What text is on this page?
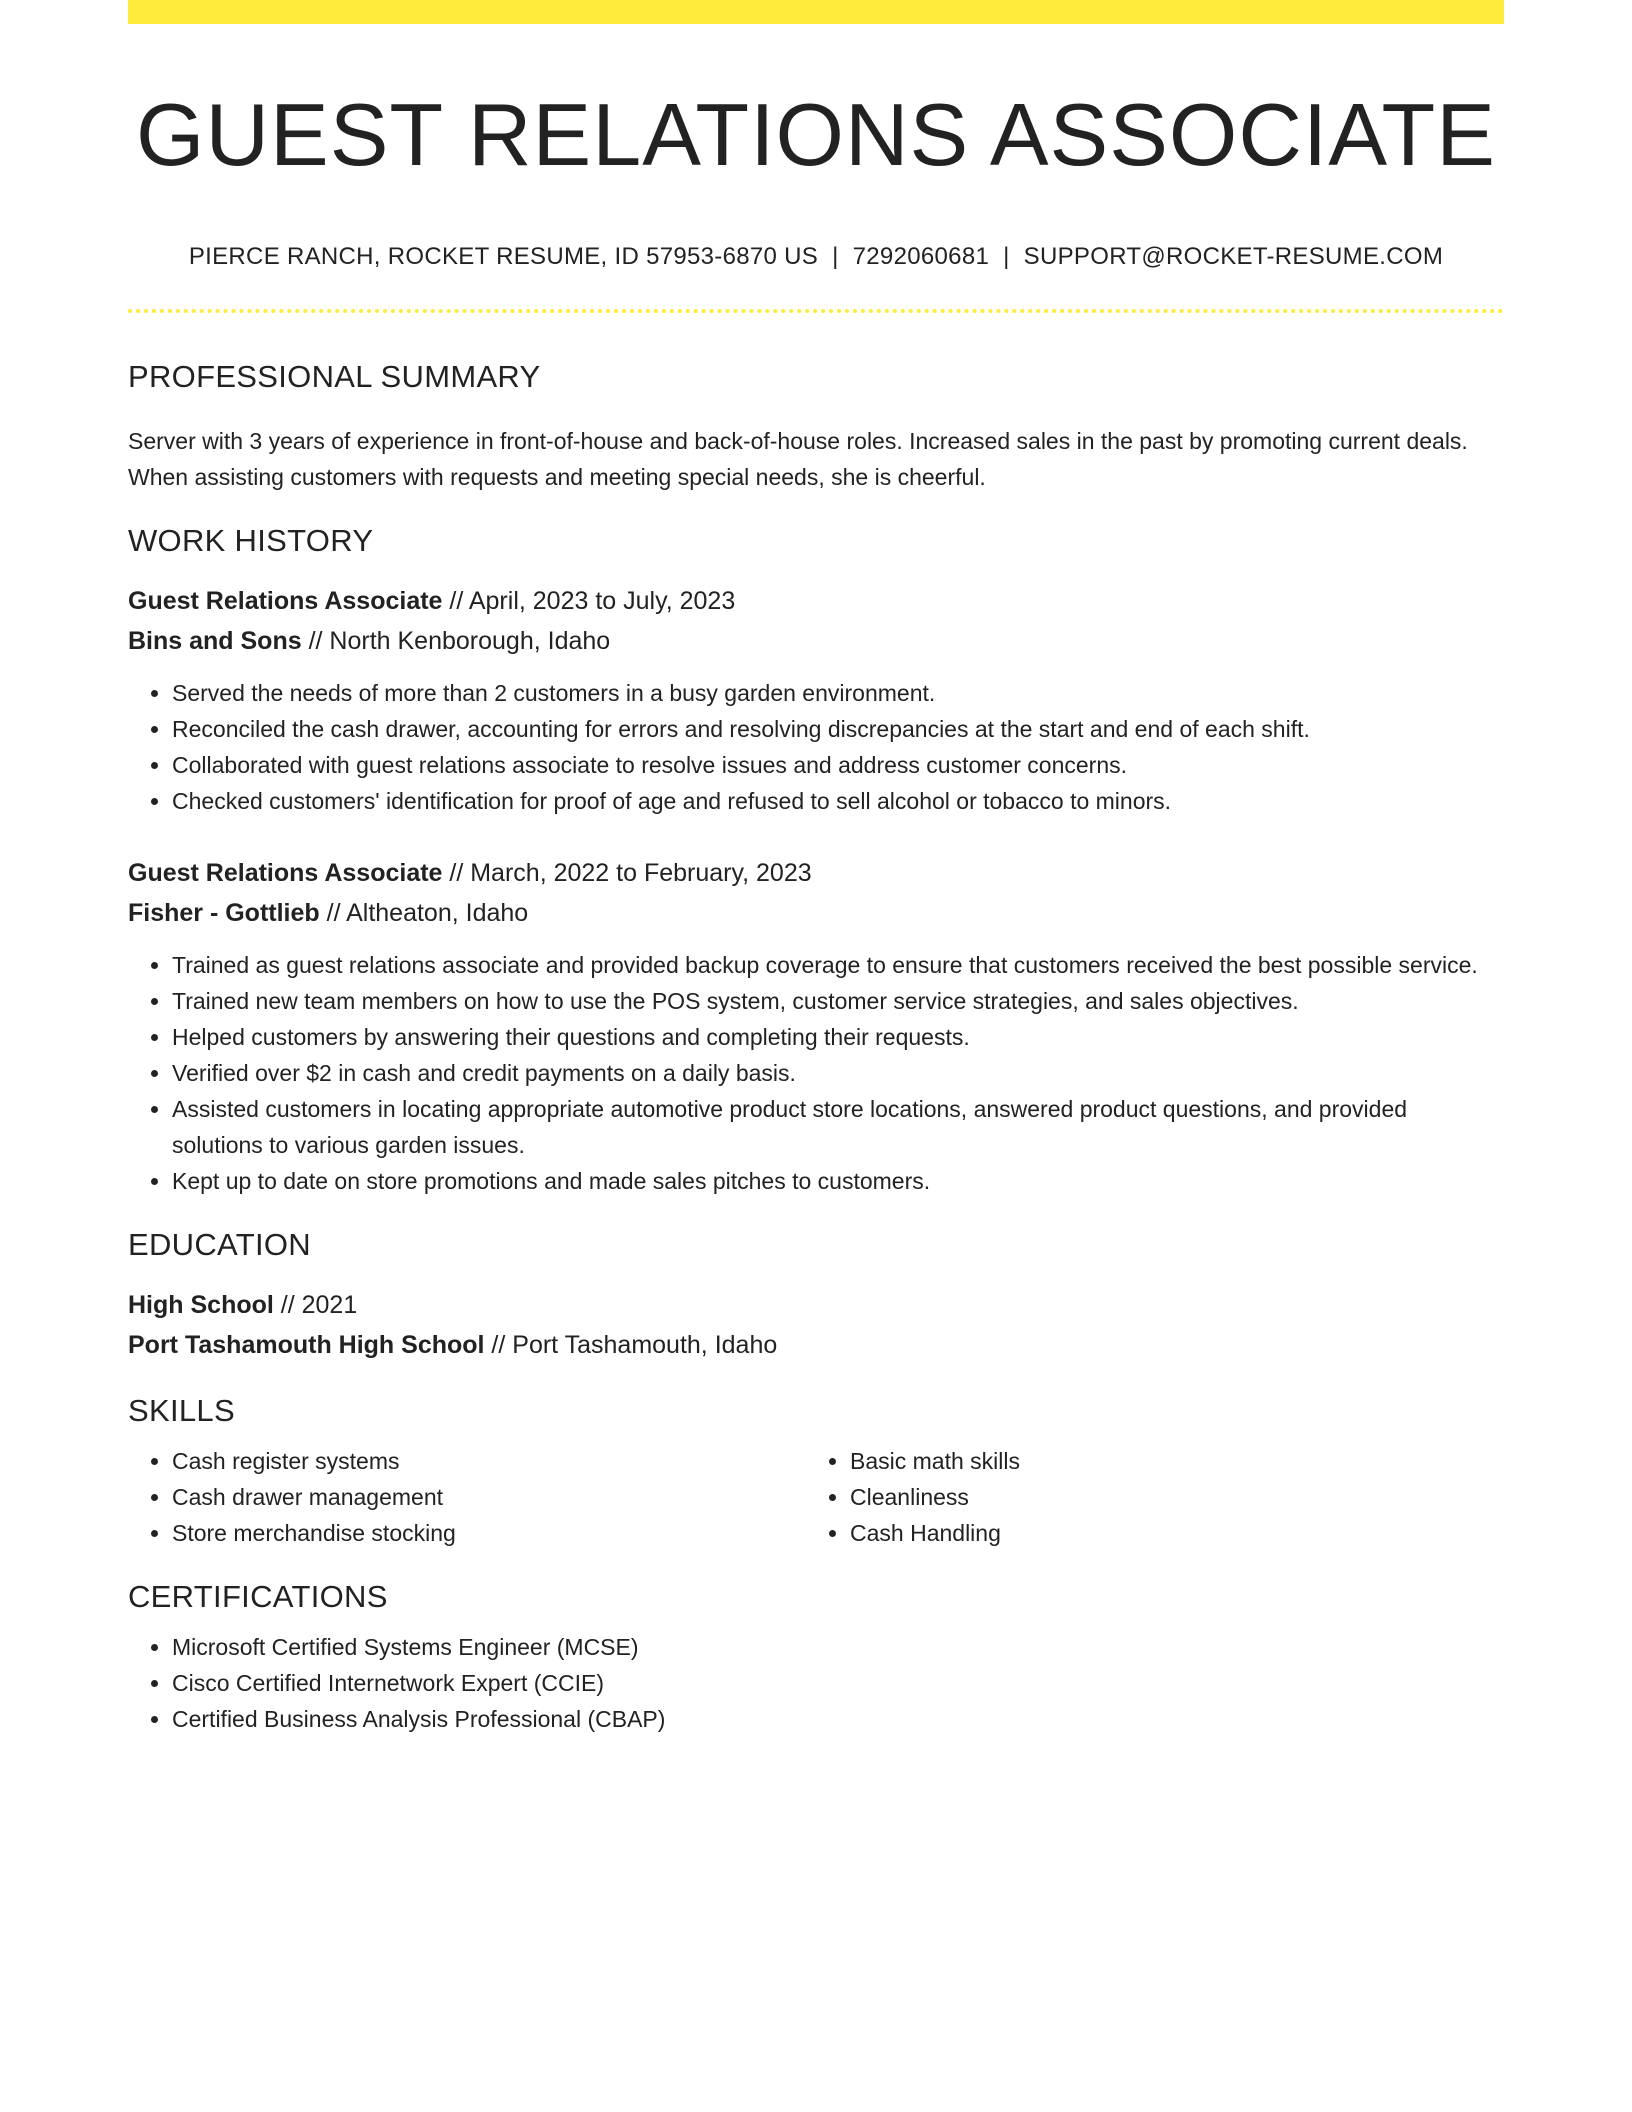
GUEST RELATIONS ASSOCIATE
PIERCE RANCH, ROCKET RESUME, ID 57953-6870 US | 7292060681 | SUPPORT@ROCKET-RESUME.COM
PROFESSIONAL SUMMARY

Server with 3 years of experience in front-of-house and back-of-house roles. Increased sales in the past by promoting current deals. When assisting customers with requests and meeting special needs, she is cheerful.

WORK HISTORY
Guest Relations Associate // April, 2023 to July, 2023
Bins and Sons // North Kenborough, Idaho
• Served the needs of more than 2 customers in a busy garden environment.
• Reconciled the cash drawer, accounting for errors and resolving discrepancies at the start and end of each shift.
• Collaborated with guest relations associate to resolve issues and address customer concerns.
• Checked customers' identification for proof of age and refused to sell alcohol or tobacco to minors.
Guest Relations Associate // March, 2022 to February, 2023
Fisher - Gottlieb // Altheaton, Idaho
• Trained as guest relations associate and provided backup coverage to ensure that customers received the best possible service.
• Trained new team members on how to use the POS system, customer service strategies, and sales objectives.
• Helped customers by answering their questions and completing their requests.
• Verified over $2 in cash and credit payments on a daily basis.
• Assisted customers in locating appropriate automotive product store locations, answered product questions, and provided solutions to various garden issues.
• Kept up to date on store promotions and made sales pitches to customers.
EDUCATION
High School // 2021
Port Tashamouth High School // Port Tashamouth, Idaho
SKILLS
• Cash register systems
• Cash drawer management
• Store merchandise stocking
• Basic math skills
• Cleanliness
• Cash Handling
CERTIFICATIONS
• Microsoft Certified Systems Engineer (MCSE)
• Cisco Certified Internetwork Expert (CCIE)
• Certified Business Analysis Professional (CBAP)
